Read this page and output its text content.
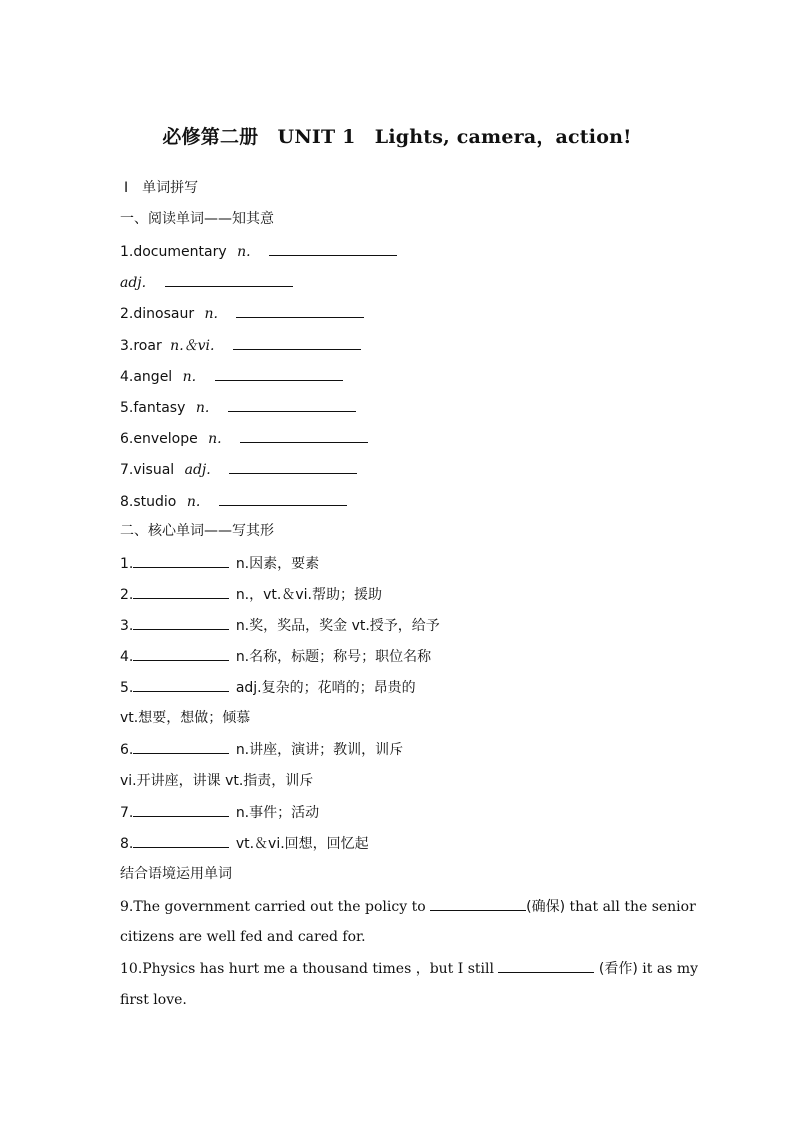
必修第二册　UNIT 1　Lights, camera，action!
Ⅰ　单词拼写
一、阅读单词——知其意
1.documentary n.
adj.
2.dinosaur n.
3.roar n.＆vi.
4.angel n.
5.fantasy n.
6.envelope n.
7.visual adj.
8.studio n.
二、核心单词——写其形
1.	n.因素，要素
2.	n.，vt.＆vi.帮助；援助
3.	n.奖，奖品，奖金 vt.授予，给予
4.	n.名称，标题；称号；职位名称
5.	adj.复杂的；花哨的；昂贵的
vt.想要，想做；倾慕
6.	n.讲座，演讲；教训，训斥
vi.开讲座，讲课 vt.指责，训斥
7.	n.事件；活动
8.	vt.＆vi.回想，回忆起
结合语境运用单词
9.The government carried out the policy to	(确保) that all the senior
citizens are well fed and cared for.
10.Physics has hurt me a thousand times ，but I still	(看作) it as my
first love.
